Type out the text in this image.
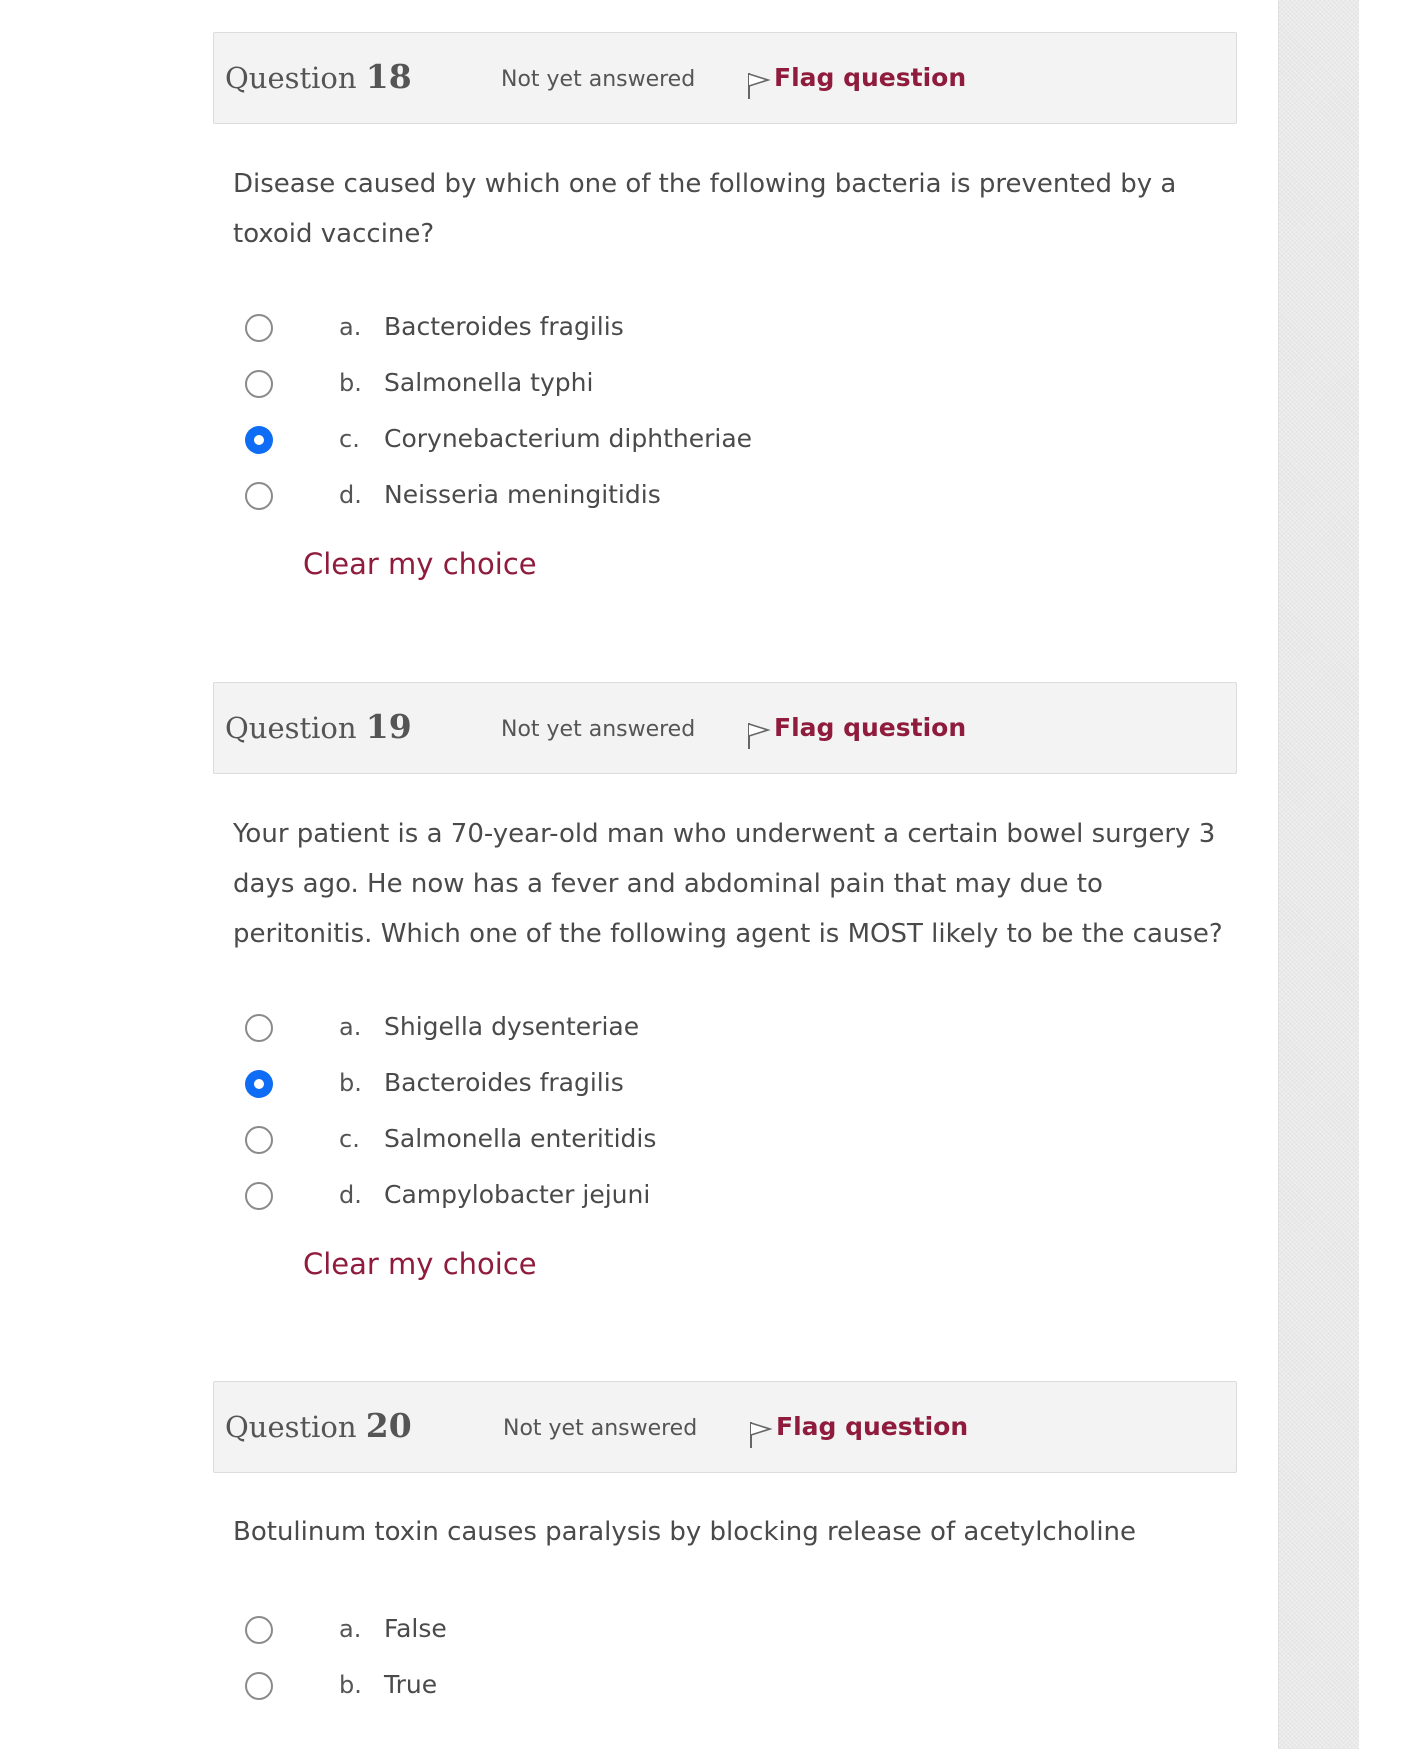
Question 18	Not yet answered	Flag question

Disease caused by which one of the following bacteria is prevented by a toxoid vaccine?

a. Bacteroides fragilis
b. Salmonella typhi
c. Corynebacterium diphtheriae
d. Neisseria meningitidis
Clear my choice
Question 19	Not yet answered	Flag question

Your patient is a 70-year-old man who underwent a certain bowel surgery 3 days ago. He now has a fever and abdominal pain that may due to peritonitis. Which one of the following agent is MOST likely to be the cause?

a. Shigella dysenteriae
b. Bacteroides fragilis
c. Salmonella enteritidis
d. Campylobacter jejuni
Clear my choice
Question 20	Not yet answered	Flag question

Botulinum toxin causes paralysis by blocking release of acetylcholine

a. False
b. True
